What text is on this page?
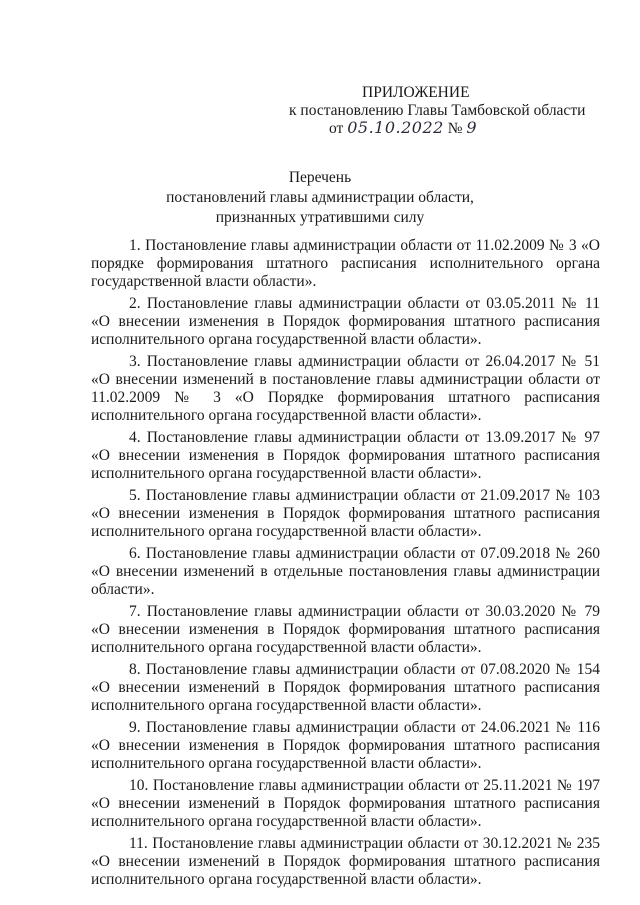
ПРИЛОЖЕНИЕ
к постановлению Главы Тамбовской области
от 05.10.2022 № 9
Перечень
постановлений главы администрации области,
признанных утратившими силу
1. Постановление главы администрации области от 11.02.2009 № 3 «О порядке формирования штатного расписания исполнительного органа государственной власти области».
2. Постановление главы администрации области от 03.05.2011 № 11 «О внесении изменения в Порядок формирования штатного расписания исполнительного органа государственной власти области».
3. Постановление главы администрации области от 26.04.2017 № 51 «О внесении изменений в постановление главы администрации области от 11.02.2009 № 3 «О Порядке формирования штатного расписания исполнительного органа государственной власти области».
4. Постановление главы администрации области от 13.09.2017 № 97 «О внесении изменения в Порядок формирования штатного расписания исполнительного органа государственной власти области».
5. Постановление главы администрации области от 21.09.2017 № 103 «О внесении изменения в Порядок формирования штатного расписания исполнительного органа государственной власти области».
6. Постановление главы администрации области от 07.09.2018 № 260 «О внесении изменений в отдельные постановления главы администрации области».
7. Постановление главы администрации области от 30.03.2020 № 79 «О внесении изменения в Порядок формирования штатного расписания исполнительного органа государственной власти области».
8. Постановление главы администрации области от 07.08.2020 № 154 «О внесении изменений в Порядок формирования штатного расписания исполнительного органа государственной власти области».
9. Постановление главы администрации области от 24.06.2021 № 116 «О внесении изменения в Порядок формирования штатного расписания исполнительного органа государственной власти области».
10. Постановление главы администрации области от 25.11.2021 № 197 «О внесении изменений в Порядок формирования штатного расписания исполнительного органа государственной власти области».
11. Постановление главы администрации области от 30.12.2021 № 235 «О внесении изменений в Порядок формирования штатного расписания исполнительного органа государственной власти области».
